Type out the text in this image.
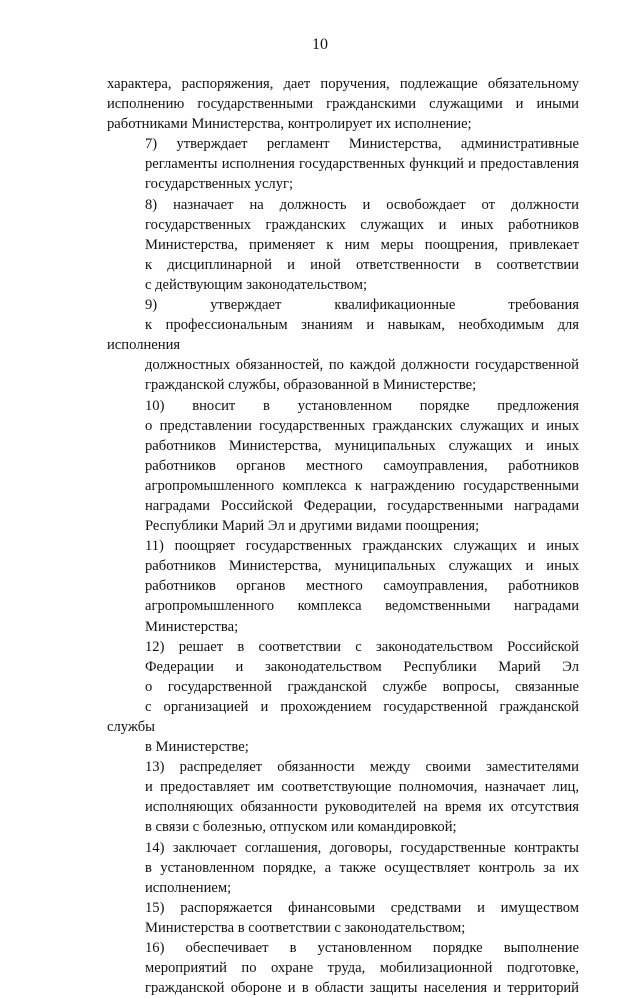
10
характера, распоряжения, дает поручения, подлежащие обязательному
исполнению государственными гражданскими служащими и иными
работниками Министерства, контролирует их исполнение;
7) утверждает регламент Министерства, административные
регламенты исполнения государственных функций и предоставления
государственных услуг;
8) назначает на должность и освобождает от должности
государственных гражданских служащих и иных работников
Министерства, применяет к ним меры поощрения, привлекает
к дисциплинарной и иной ответственности в соответствии
с действующим законодательством;
9) утверждает квалификационные требования
к профессиональным знаниям и навыкам, необходимым для исполнения
должностных обязанностей, по каждой должности государственной
гражданской службы, образованной в Министерстве;
10) вносит в установленном порядке предложения
о представлении государственных гражданских служащих и иных
работников Министерства, муниципальных служащих и иных
работников органов местного самоуправления, работников
агропромышленного комплекса к награждению государственными
наградами Российской Федерации, государственными наградами
Республики Марий Эл и другими видами поощрения;
11) поощряет государственных гражданских служащих и иных
работников Министерства, муниципальных служащих и иных
работников органов местного самоуправления, работников
агропромышленного комплекса ведомственными наградами
Министерства;
12) решает в соответствии с законодательством Российской
Федерации и законодательством Республики Марий Эл
о государственной гражданской службе вопросы, связанные
с организацией и прохождением государственной гражданской службы
в Министерстве;
13) распределяет обязанности между своими заместителями
и предоставляет им соответствующие полномочия, назначает лиц,
исполняющих обязанности руководителей на время их отсутствия
в связи с болезнью, отпуском или командировкой;
14) заключает соглашения, договоры, государственные контракты
в установленном порядке, а также осуществляет контроль за их
исполнением;
15) распоряжается финансовыми средствами и имуществом
Министерства в соответствии с законодательством;
16) обеспечивает в установленном порядке выполнение
мероприятий по охране труда, мобилизационной подготовке,
гражданской обороне и в области защиты населения и территорий
